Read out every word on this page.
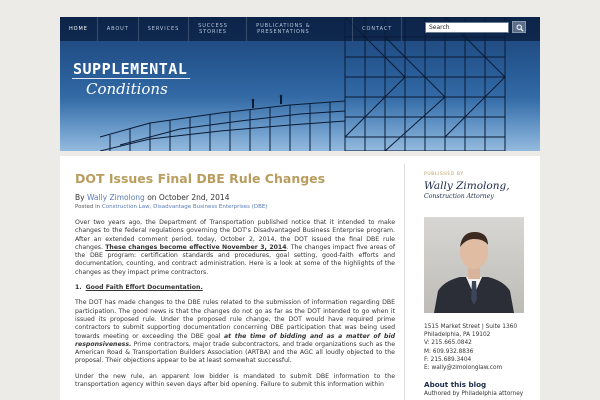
HOME	ABOUT	SERVICES	SUCCESS
STORIES
PUBLICATIONS &
PRESENTATIONS	CONTACT	Search
SUPPLEMENTAL
Conditions
DOT Issues Final DBE Rule Changes
By Wally Zimolong on October 2nd, 2014
Posted in Construction Law, Disadvantage Business Enterprises (DBE)

Over two years ago, the Department of Transportation published notice that it intended to make changes to the federal regulations governing the DOT's Disadvantaged Business Enterprise program. After an extended comment period, today, October 2, 2014, the DOT issued the final DBE rule changes. These changes become effective November 3, 2014. The changes impact five areas of the DBE program: certification standards and procedures, goal setting, good-faith efforts and documentation, counting, and contract administration. Here is a look at some of the highlights of the changes as they impact prime contractors.

1. Good Faith Effort Documentation.

The DOT has made changes to the DBE rules related to the submission of information regarding DBE participation. The good news is that the changes do not go as far as the DOT intended to go when it issued its proposed rule. Under the proposed rule change, the DOT would have required prime contractors to submit supporting documentation concerning DBE participation that was being used towards meeting or exceeding the DBE goal at the time of bidding and as a matter of bid responsiveness. Prime contractors, major trade subcontractors, and trade organizations such as the American Road & Transportation Builders Association (ARTBA) and the AGC all loudly objected to the proposal. Their objections appear to be at least somewhat successful.

Under the new rule, an apparent low bidder is mandated to submit DBE information to the transportation agency within seven days after bid opening. Failure to submit this information within

PUBLISHED BY
Wally Zimolong,
Construction Attorney
1515 Market Street | Suite 1360
Philadelphia, PA 19102
V: 215.665.0842
M: 609.932.8836
F: 215.689.3404
E: wally@zimolonglaw.com
About this blog
Authored by Philadelphia attorney
